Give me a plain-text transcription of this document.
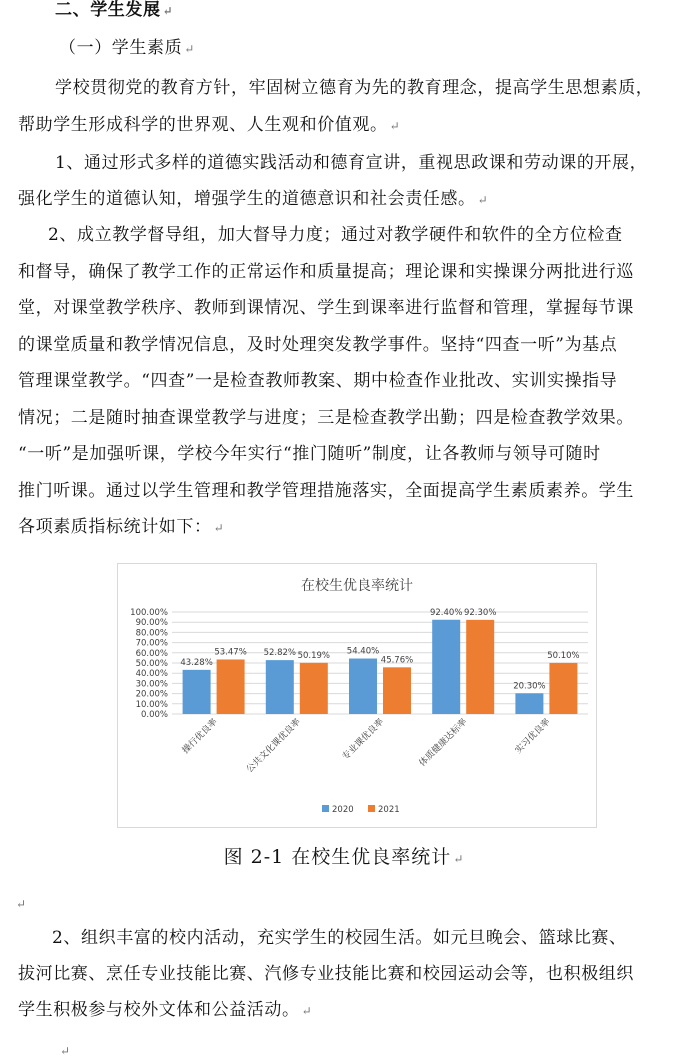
二、学生发展 ↵
（一）学生素质 ↵
学校贯彻党的教育方针，牢固树立德育为先的教育理念，提高学生思想素质，
帮助学生形成科学的世界观、人生观和价值观。 ↵
1、通过形式多样的道德实践活动和德育宣讲，重视思政课和劳动课的开展，
强化学生的道德认知，增强学生的道德意识和社会责任感。 ↵
2、成立教学督导组，加大督导力度；通过对教学硬件和软件的全方位检查
和督导，确保了教学工作的正常运作和质量提高；理论课和实操课分两批进行巡
堂，对课堂教学秩序、教师到课情况、学生到课率进行监督和管理，掌握每节课
的课堂质量和教学情况信息，及时处理突发教学事件。坚持“四查一听”为基点
管理课堂教学。“四查”一是检查教师教案、期中检查作业批改、实训实操指导
情况；二是随时抽查课堂教学与进度；三是检查教学出勤；四是检查教学效果。
“一听”是加强听课，学校今年实行“推门随听”制度，让各教师与领导可随时
推门听课。通过以学生管理和教学管理措施落实，全面提高学生素质素养。学生
各项素质指标统计如下： ↵
在校生优良率统计
0.00%
10.00%
20.00%
30.00%
40.00%
50.00%
60.00%
70.00%
80.00%
90.00%
100.00%
43.28%
53.47%
操行优良率
52.82% 50.19%
公共文化课优良率
54.40%
45.76%
专业课优良率
92.40% 92.30%
体质健康达标率
20.30%
50.10%
实习优良率
2020	2021
图 2-1 在校生优良率统计 ↵
↵
2、组织丰富的校内活动，充实学生的校园生活。如元旦晚会、篮球比赛、
拔河比赛、烹任专业技能比赛、汽修专业技能比赛和校园运动会等，也积极组织
学生积极参与校外文体和公益活动。 ↵
↵
